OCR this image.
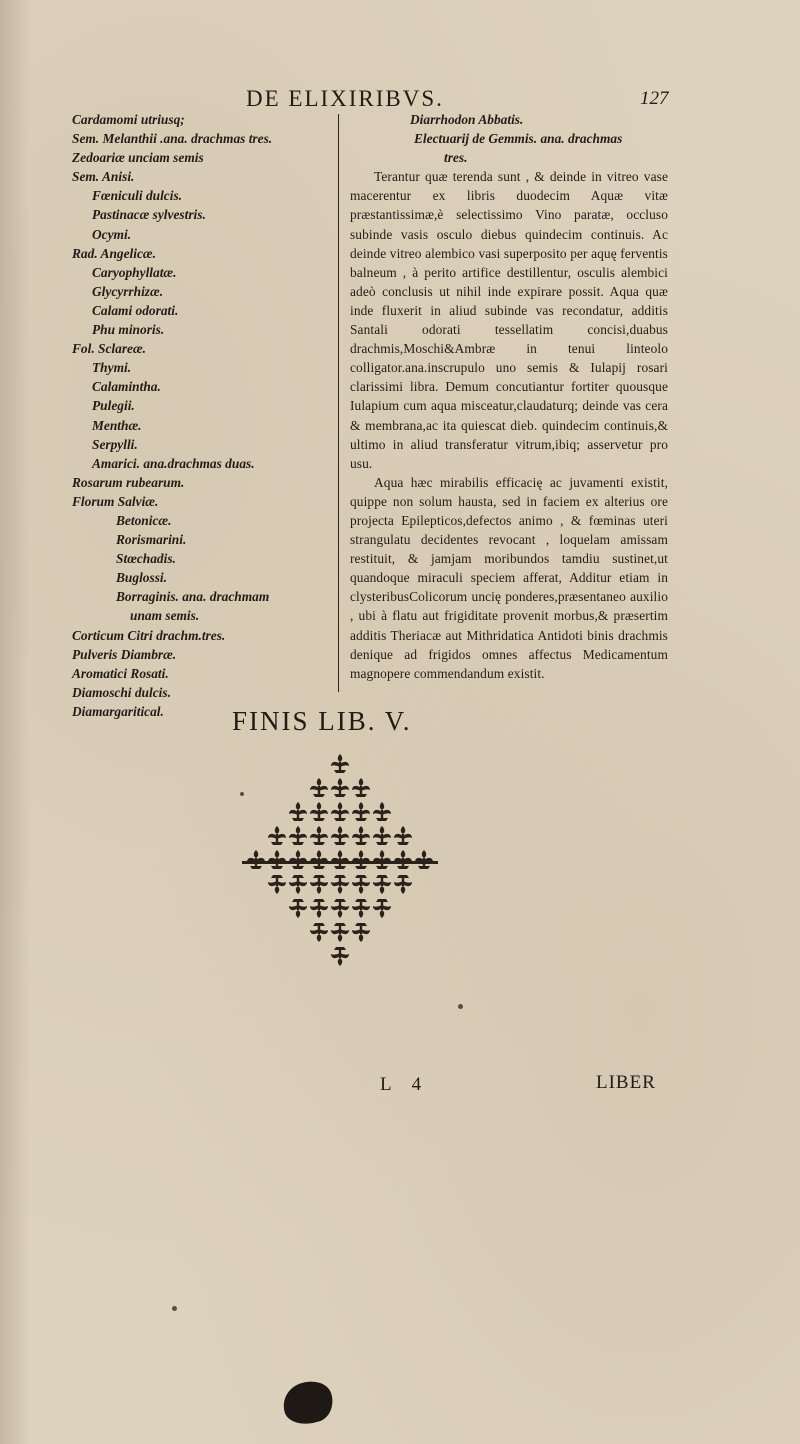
DE ELIXIRIBVS.	127
Cardamomi utriusq;
Sem. Melanthii .ana. drachmas tres.
Zedoariæ unciam semis
Sem. Anisi.
Fœniculi dulcis.
Pastinacæ sylvestris.
Ocymi.
Rad. Angelicæ.
Caryophyllatæ.
Glycyrrhizæ.
Calami odorati.
Phu minoris.
Fol. Sclareæ.
Thymi.
Calamintha.
Pulegii.
Menthæ.
Serpylli.
Amarici. ana.drachmas duas.
Rosarum rubearum.
Florum Salviæ.
Betonicæ.
Rorismarini.
Stœchadis.
Buglossi.
Borraginis. ana. drachmam
unam semis.
Corticum Citri drachm.tres.
Pulveris Diambræ.
Aromatici Rosati.
Diamoschi dulcis.
Diamargaritical.
Diarrhodon Abbatis.
Electuarij de Gemmis. ana. drachmas
tres.
Terantur quæ terenda sunt , & deinde in vitreo vase macerentur ex libris duodecim Aquæ vitæ præstantissimæ,è selectissimo Vino paratæ, occluso subinde vasis osculo diebus quindecim continuis. Ac deinde vitreo alembico vasi superposito per aquę ferventis balneum , à perito artifice destillentur, osculis alembici adeò conclusis ut nihil inde expirare possit. Aqua quæ inde fluxerit in aliud subinde vas recondatur, additis Santali odorati tessellatim concisi,duabus drachmis,Moschi&Ambræ in tenui linteolo colligator.ana.inscrupulo uno semis & Iulapij rosari clarissimi libra. Demum concutiantur fortiter quousque Iulapium cum aqua misceatur,claudaturq; deinde vas cera & membrana,ac ita quiescat dieb. quindecim continuis,& ultimo in aliud transferatur vitrum,ibiq; asservetur pro usu.
Aqua hæc mirabilis efficacię ac juvamenti existit, quippe non solum hausta, sed in faciem ex alterius ore projecta Epilepticos,defectos animo , & fœminas uteri strangulatu decidentes revocant , loquelam amissam restituit, & jamjam moribundos tamdiu sustinet,ut quandoque miraculi speciem afferat, Additur etiam in clysteribusColicorum uncię ponderes,præsentaneo auxilio , ubi à flatu aut frigiditate provenit morbus,& præsertim additis Theriacæ aut Mithridatica Antidoti binis drachmis denique ad frigidos omnes affectus Medicamentum magnopere commendandum existit.
FINIS LIB. V.
L 4	LIBER
